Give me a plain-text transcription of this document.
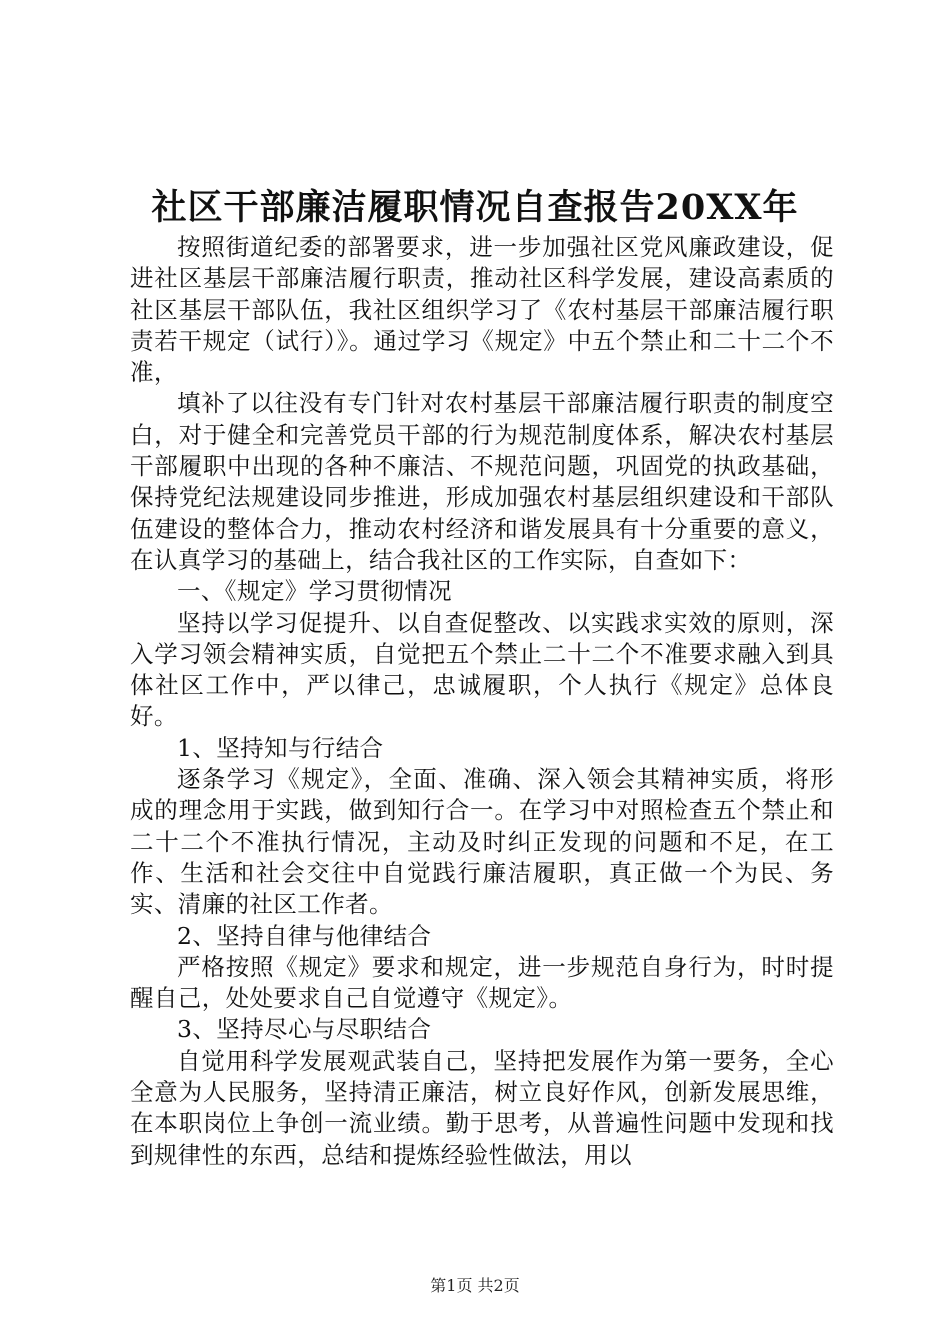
社区干部廉洁履职情况自查报告20XX年

按照街道纪委的部署要求，进一步加强社区党风廉政建设，促进社区基层干部廉洁履行职责，推动社区科学发展，建设高素质的社区基层干部队伍，我社区组织学习了《农村基层干部廉洁履行职责若干规定（试行）》。通过学习《规定》中五个禁止和二十二个不准，

填补了以往没有专门针对农村基层干部廉洁履行职责的制度空白，对于健全和完善党员干部的行为规范制度体系，解决农村基层干部履职中出现的各种不廉洁、不规范问题，巩固党的执政基础，保持党纪法规建设同步推进，形成加强农村基层组织建设和干部队伍建设的整体合力，推动农村经济和谐发展具有十分重要的意义，在认真学习的基础上，结合我社区的工作实际，自查如下：

一、《规定》学习贯彻情况

坚持以学习促提升、以自查促整改、以实践求实效的原则，深入学习领会精神实质，自觉把五个禁止二十二个不准要求融入到具体社区工作中，严以律己，忠诚履职，个人执行《规定》总体良好。

1、坚持知与行结合

逐条学习《规定》，全面、准确、深入领会其精神实质，将形成的理念用于实践，做到知行合一。在学习中对照检查五个禁止和二十二个不准执行情况，主动及时纠正发现的问题和不足，在工作、生活和社会交往中自觉践行廉洁履职，真正做一个为民、务实、清廉的社区工作者。

2、坚持自律与他律结合

严格按照《规定》要求和规定，进一步规范自身行为，时时提醒自己，处处要求自己自觉遵守《规定》。

3、坚持尽心与尽职结合

自觉用科学发展观武装自己，坚持把发展作为第一要务，全心全意为人民服务，坚持清正廉洁，树立良好作风，创新发展思维，在本职岗位上争创一流业绩。勤于思考，从普遍性问题中发现和找到规律性的东西，总结和提炼经验性做法，用以

第1页 共2页
